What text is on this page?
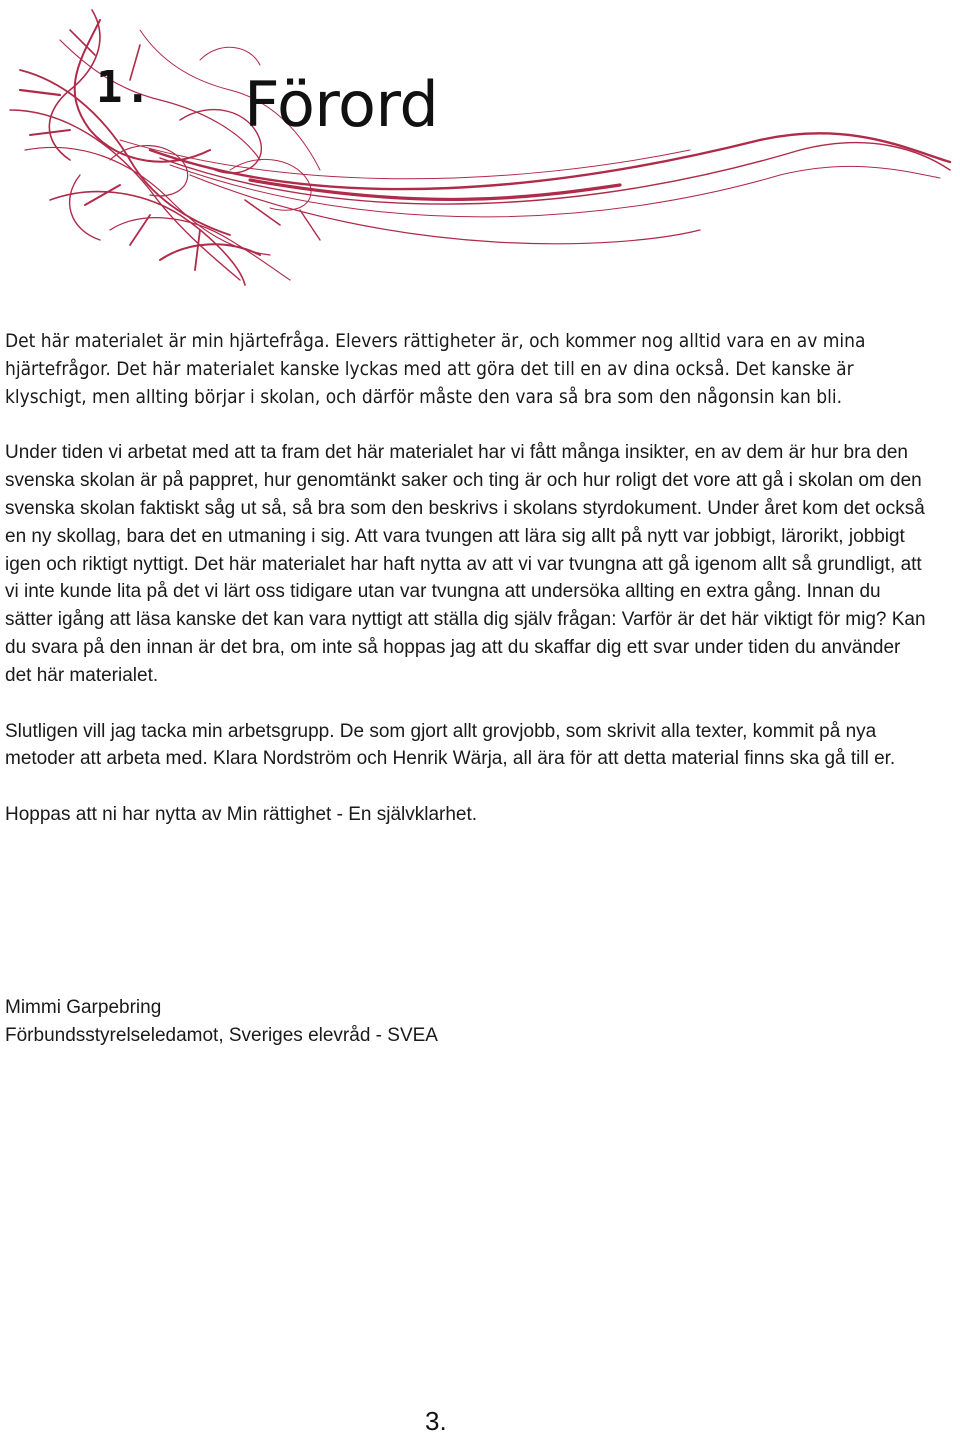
1. Förord

Det här materialet är min hjärtefråga. Elevers rättigheter är, och kommer nog alltid vara en av mina hjärtefrågor. Det här materialet kanske lyckas med att göra det till en av dina också. Det kanske är klyschigt, men allting börjar i skolan, och därför måste den vara så bra som den någonsin kan bli.

Under tiden vi arbetat med att ta fram det här materialet har vi fått många insikter, en av dem är hur bra den svenska skolan är på pappret, hur genomtänkt saker och ting är och hur roligt det vore att gå i skolan om den svenska skolan faktiskt såg ut så, så bra som den beskrivs i skolans styrdokument. Under året kom det också en ny skollag, bara det en utmaning i sig. Att vara tvungen att lära sig allt på nytt var jobbigt, lärorikt, jobbigt igen och riktigt nyttigt. Det här materialet har haft nytta av att vi var tvungna att gå igenom allt så grundligt, att vi inte kunde lita på det vi lärt oss tidigare utan var tvungna att undersöka allting en extra gång. Innan du sätter igång att läsa kanske det kan vara nyttigt att ställa dig själv frågan: Varför är det här viktigt för mig? Kan du svara på den innan är det bra, om inte så hoppas jag att du skaffar dig ett svar under tiden du använder det här materialet.

Slutligen vill jag tacka min arbetsgrupp. De som gjort allt grovjobb, som skrivit alla texter, kommit på nya metoder att arbeta med. Klara Nordström och Henrik Wärja, all ära för att detta material finns ska gå till er.

Hoppas att ni har nytta av Min rättighet - En självklarhet.

Mimmi Garpebring
Förbundsstyrelseledamot, Sveriges elevråd - SVEA
3.
